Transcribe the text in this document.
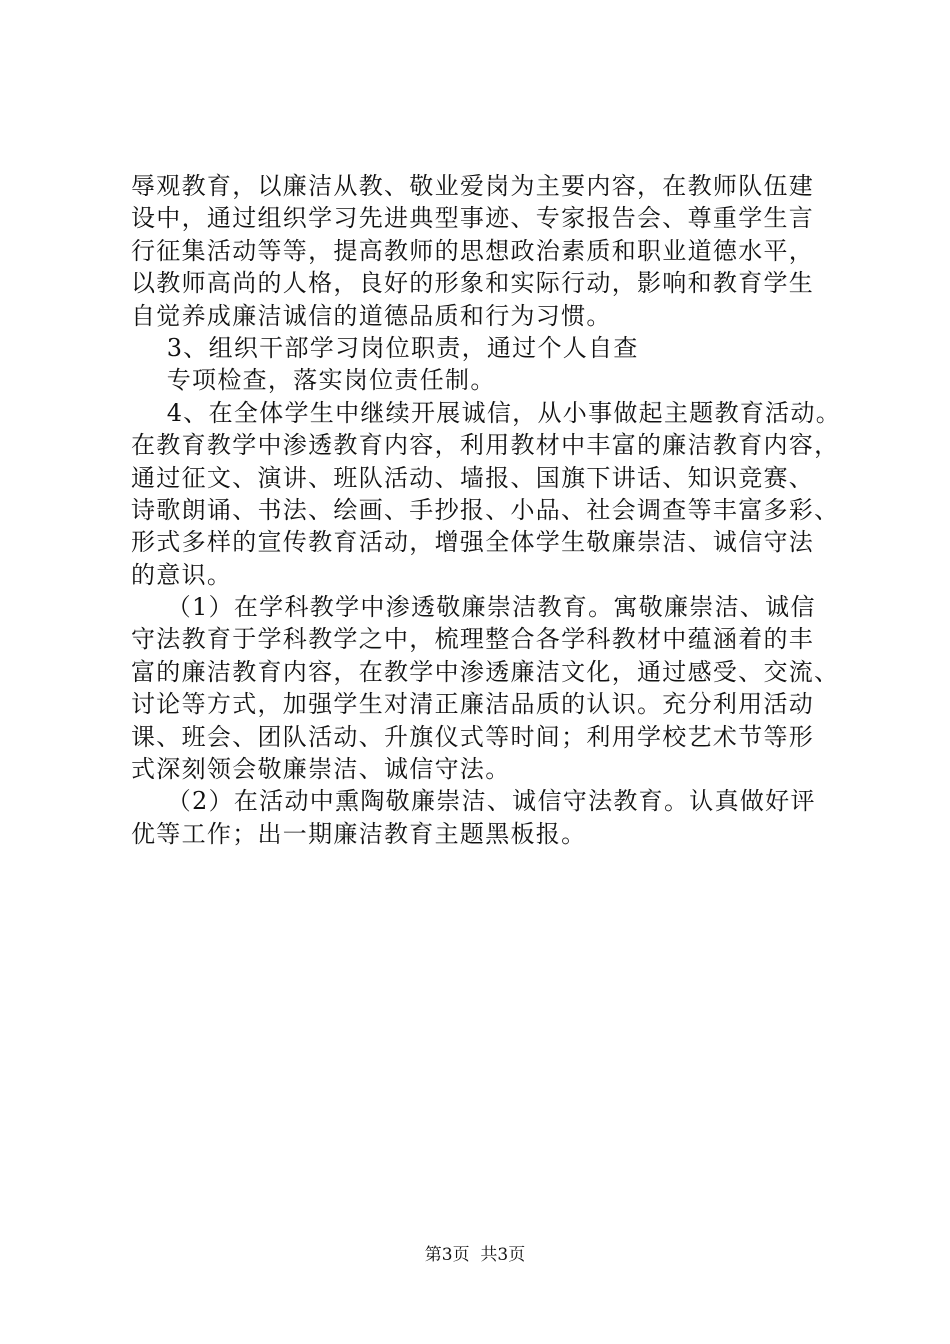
辱观教育，以廉洁从教、敬业爱岗为主要内容，在教师队伍建
设中，通过组织学习先进典型事迹、专家报告会、尊重学生言
行征集活动等等，提高教师的思想政治素质和职业道德水平，
以教师高尚的人格，良好的形象和实际行动，影响和教育学生
自觉养成廉洁诚信的道德品质和行为习惯。
3、组织干部学习岗位职责，通过个人自查
专项检查，落实岗位责任制。
4、在全体学生中继续开展诚信，从小事做起主题教育活动。
在教育教学中渗透教育内容，利用教材中丰富的廉洁教育内容，
通过征文、演讲、班队活动、墙报、国旗下讲话、知识竞赛、
诗歌朗诵、书法、绘画、手抄报、小品、社会调查等丰富多彩、
形式多样的宣传教育活动，增强全体学生敬廉崇洁、诚信守法
的意识。
（1）在学科教学中渗透敬廉崇洁教育。寓敬廉崇洁、诚信
守法教育于学科教学之中，梳理整合各学科教材中蕴涵着的丰
富的廉洁教育内容，在教学中渗透廉洁文化，通过感受、交流、
讨论等方式，加强学生对清正廉洁品质的认识。充分利用活动
课、班会、团队活动、升旗仪式等时间；利用学校艺术节等形
式深刻领会敬廉崇洁、诚信守法。
（2）在活动中熏陶敬廉崇洁、诚信守法教育。认真做好评
优等工作；出一期廉洁教育主题黑板报。
第3页  共3页
